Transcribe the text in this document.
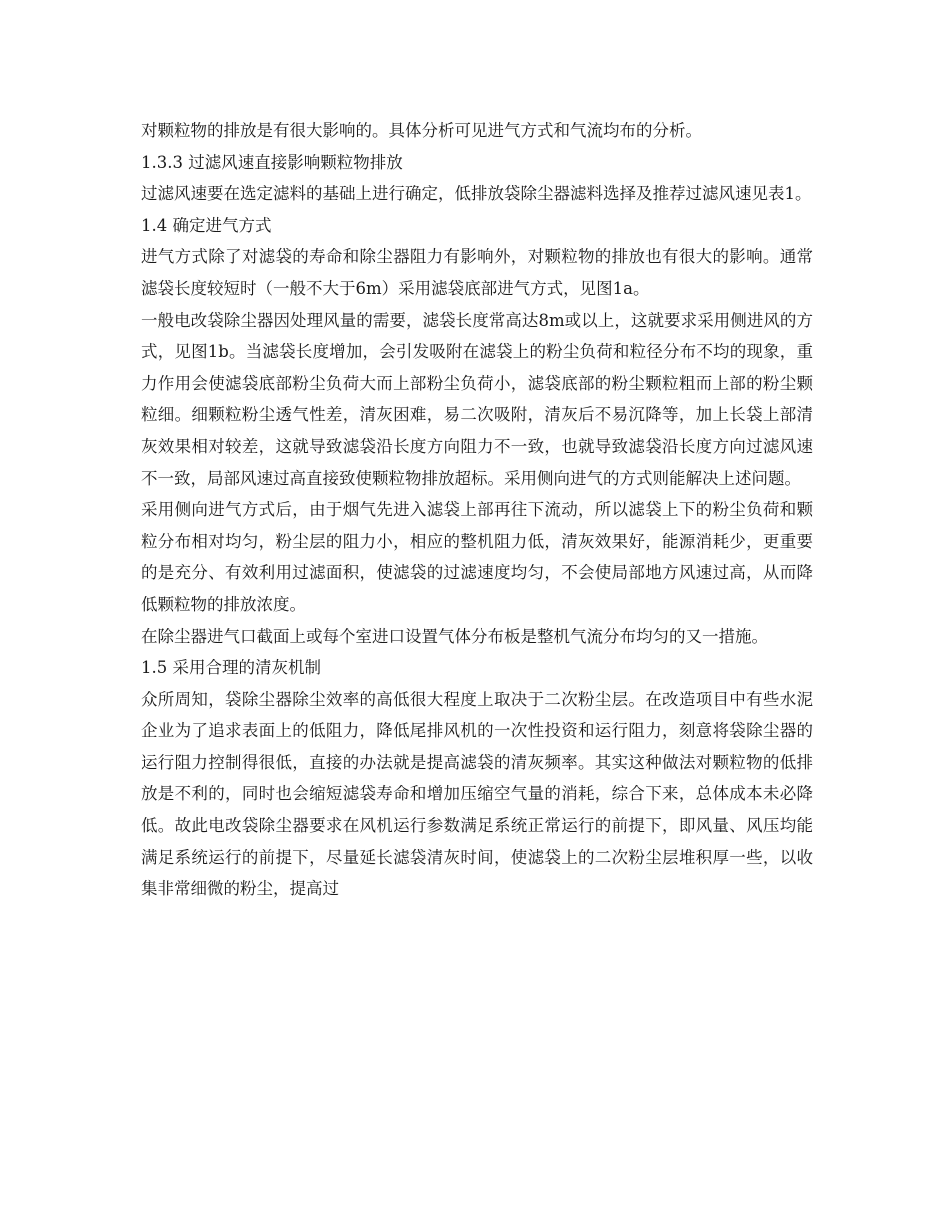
对颗粒物的排放是有很大影响的。具体分析可见进气方式和气流均布的分析。

1.3.3 过滤风速直接影响颗粒物排放

过滤风速要在选定滤料的基础上进行确定，低排放袋除尘器滤料选择及推荐过滤风速见表1。

1.4 确定进气方式

进气方式除了对滤袋的寿命和除尘器阻力有影响外，对颗粒物的排放也有很大的影响。通常滤袋长度较短时（一般不大于6m）采用滤袋底部进气方式，见图1a。

一般电改袋除尘器因处理风量的需要，滤袋长度常高达8m或以上，这就要求采用侧进风的方式，见图1b。当滤袋长度增加，会引发吸附在滤袋上的粉尘负荷和粒径分布不均的现象，重力作用会使滤袋底部粉尘负荷大而上部粉尘负荷小，滤袋底部的粉尘颗粒粗而上部的粉尘颗粒细。细颗粒粉尘透气性差，清灰困难，易二次吸附，清灰后不易沉降等，加上长袋上部清灰效果相对较差，这就导致滤袋沿长度方向阻力不一致，也就导致滤袋沿长度方向过滤风速不一致，局部风速过高直接致使颗粒物排放超标。采用侧向进气的方式则能解决上述问题。

采用侧向进气方式后，由于烟气先进入滤袋上部再往下流动，所以滤袋上下的粉尘负荷和颗粒分布相对均匀，粉尘层的阻力小，相应的整机阻力低，清灰效果好，能源消耗少，更重要的是充分、有效利用过滤面积，使滤袋的过滤速度均匀，不会使局部地方风速过高，从而降低颗粒物的排放浓度。

在除尘器进气口截面上或每个室进口设置气体分布板是整机气流分布均匀的又一措施。

1.5 采用合理的清灰机制

众所周知，袋除尘器除尘效率的高低很大程度上取决于二次粉尘层。在改造项目中有些水泥企业为了追求表面上的低阻力，降低尾排风机的一次性投资和运行阻力，刻意将袋除尘器的运行阻力控制得很低，直接的办法就是提高滤袋的清灰频率。其实这种做法对颗粒物的低排放是不利的，同时也会缩短滤袋寿命和增加压缩空气量的消耗，综合下来，总体成本未必降低。故此电改袋除尘器要求在风机运行参数满足系统正常运行的前提下，即风量、风压均能满足系统运行的前提下，尽量延长滤袋清灰时间，使滤袋上的二次粉尘层堆积厚一些，以收集非常细微的粉尘，提高过
